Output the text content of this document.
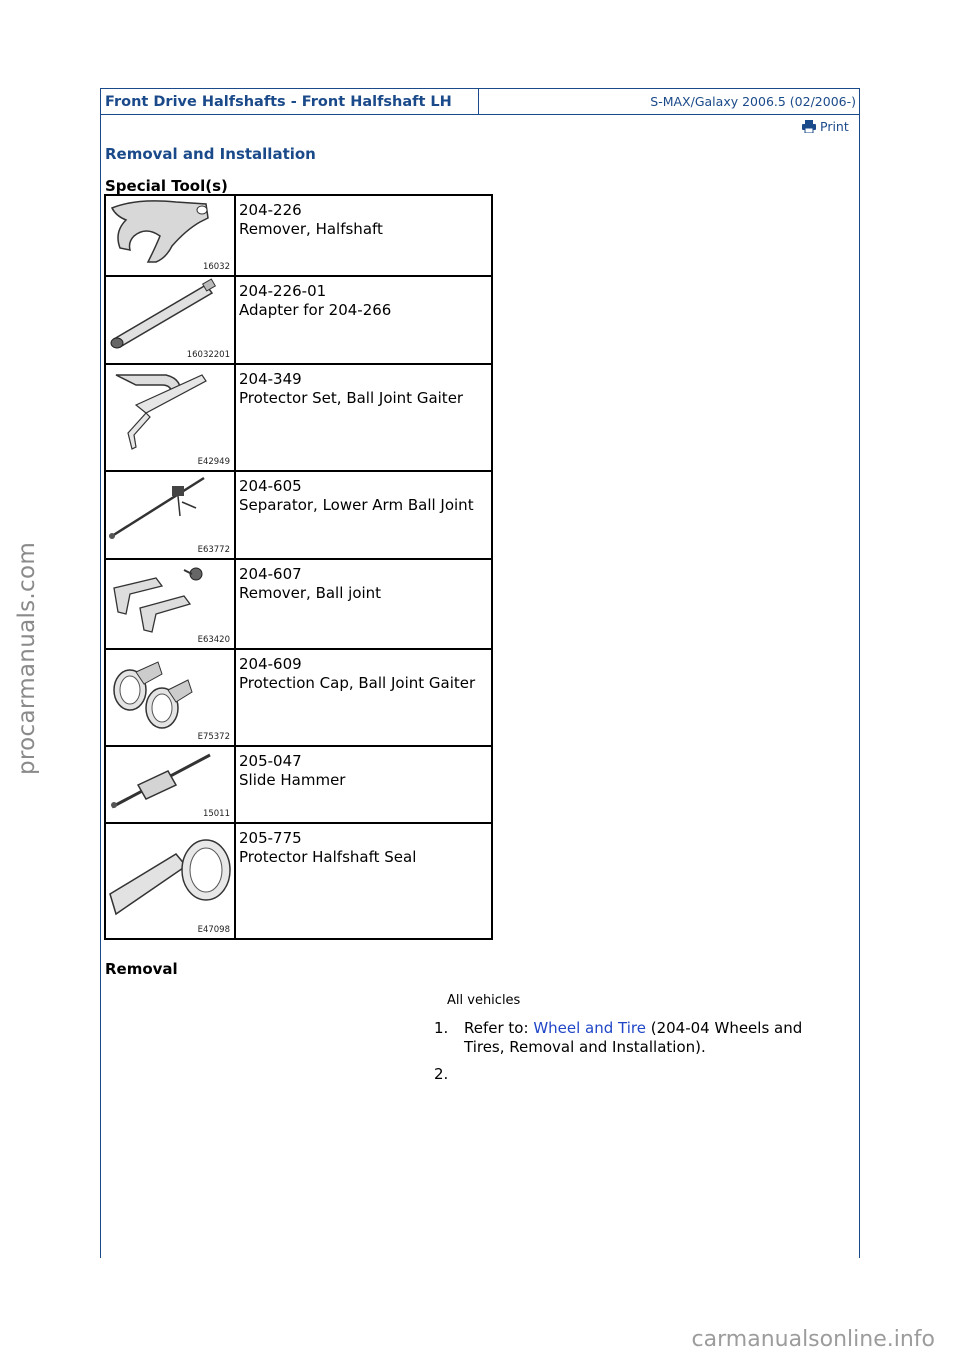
procarmanuals.com
carmanualsonline.info
Front Drive Halfshafts - Front Halfshaft LH	S-MAX/Galaxy 2006.5 (02/2006-)
Print
Removal and Installation
Special Tool(s)
16032	204-226
Remover, Halfshaft

16032201	204-226-01
Adapter for 204-266

E42949	204-349
Protector Set, Ball Joint Gaiter

E63772	204-605
Separator, Lower Arm Ball Joint

E63420	204-607
Remover, Ball joint

E75372	204-609
Protection Cap, Ball Joint Gaiter

15011	205-047
Slide Hammer

E47098	205-775
Protector Halfshaft Seal
Removal
All vehicles
1. Refer to: Wheel and Tire (204-04 Wheels and Tires, Removal and Installation).
2.
